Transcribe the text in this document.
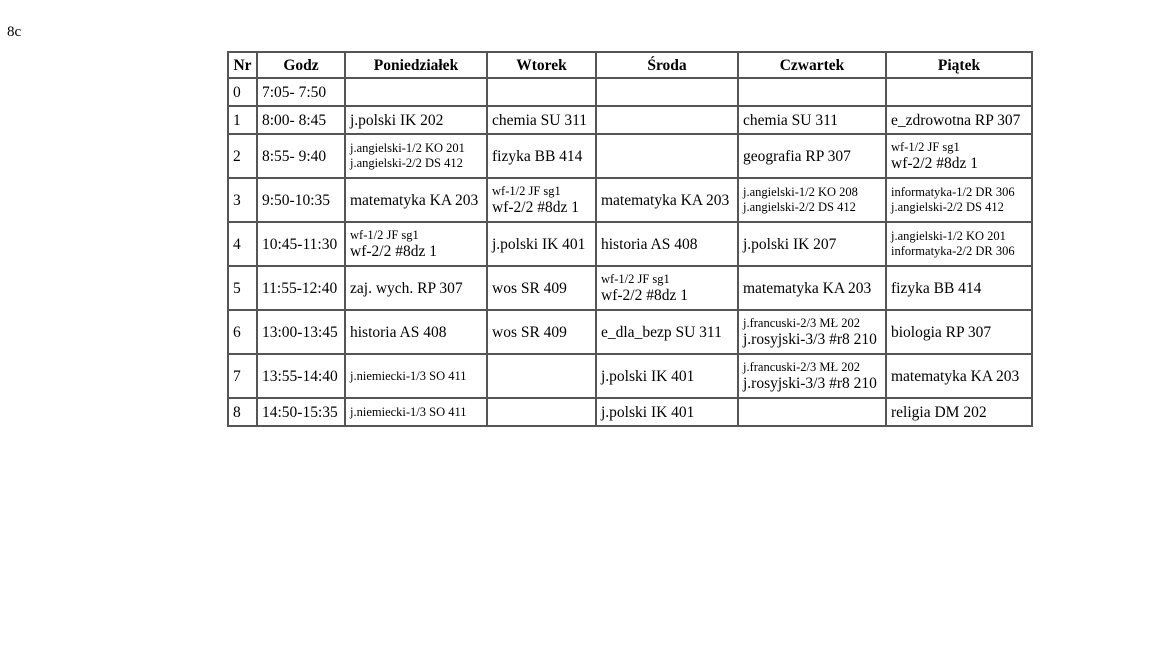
8c
Nr	Godz	Poniedziałek	Wtorek	Środa	Czwartek	Piątek
0	7:05- 7:50					
1	8:00- 8:45	j.polski IK 202	chemia SU 311		chemia SU 311	e_zdrowotna RP 307

2	8:55- 9:40	j.angielski-1/2 KO 201
j.angielski-2/2 DS 412	fizyka BB 414		geografia RP 307	wf-1/2 JF sg1
wf-2/2 #8dz 1

3	9:50-10:35	matematyka KA 203	wf-1/2 JF sg1
wf-2/2 #8dz 1	matematyka KA 203	j.angielski-1/2 KO 208
j.angielski-2/2 DS 412	informatyka-1/2 DR 306
j.angielski-2/2 DS 412

4	10:45-11:30	wf-1/2 JF sg1
wf-2/2 #8dz 1	j.polski IK 401	historia AS 408	j.polski IK 207	j.angielski-1/2 KO 201
informatyka-2/2 DR 306

5	11:55-12:40	zaj. wych. RP 307	wos SR 409	wf-1/2 JF sg1
wf-2/2 #8dz 1	matematyka KA 203	fizyka BB 414

6	13:00-13:45	historia AS 408	wos SR 409	e_dla_bezp SU 311	j.francuski-2/3 MŁ 202
j.rosyjski-3/3 #r8 210	biologia RP 307

7	13:55-14:40	j.niemiecki-1/3 SO 411		j.polski IK 401	j.francuski-2/3 MŁ 202
j.rosyjski-3/3 #r8 210	matematyka KA 203

8	14:50-15:35	j.niemiecki-1/3 SO 411		j.polski IK 401		religia DM 202
